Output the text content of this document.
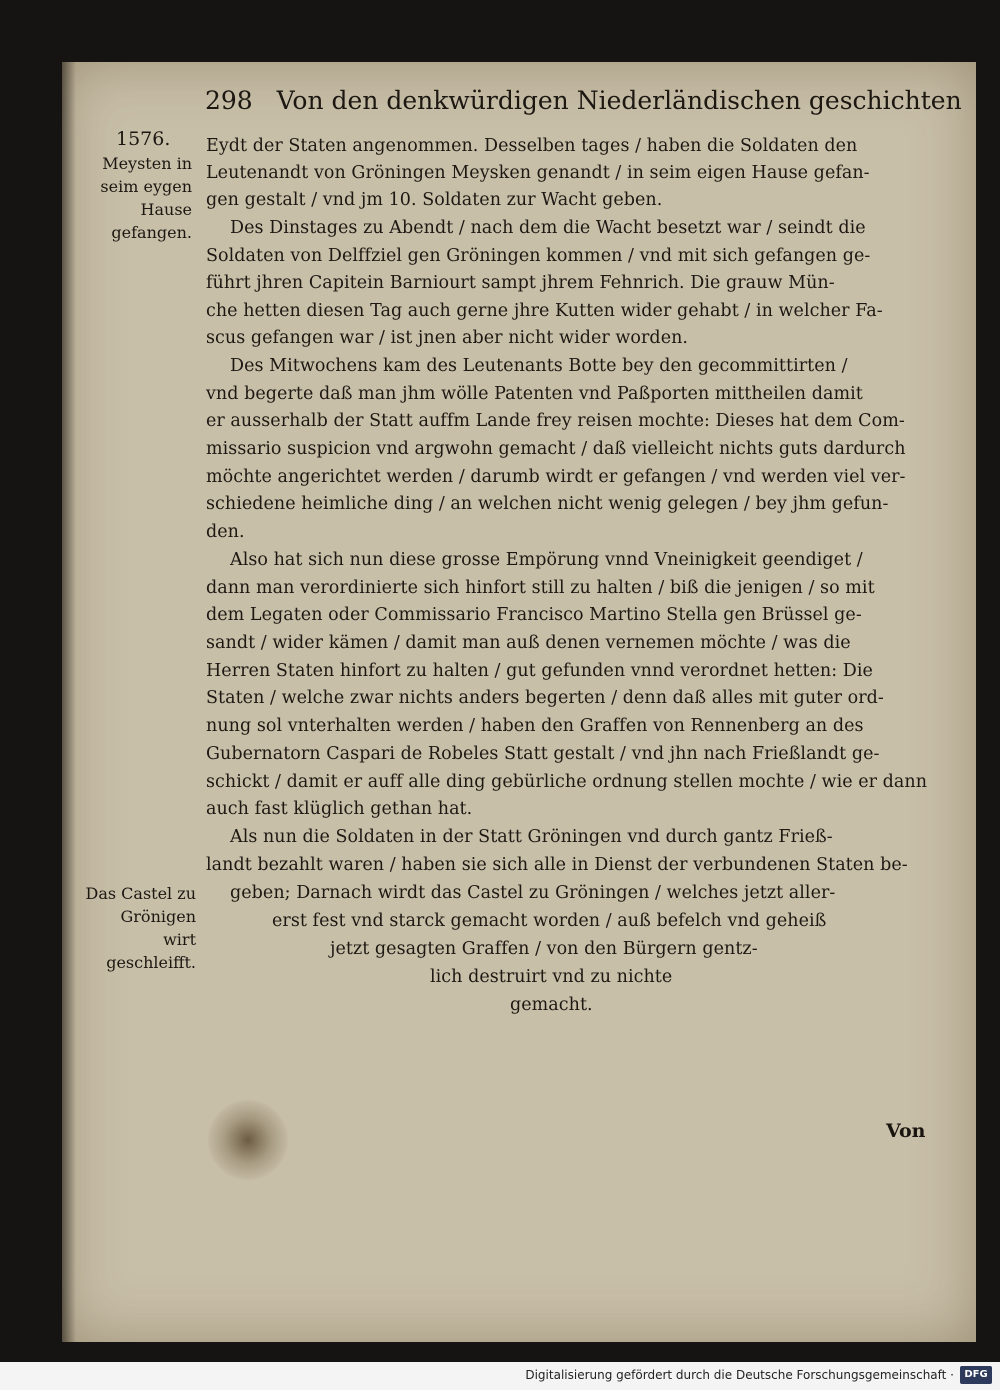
298 Von den denkwürdigen Niederländischen geschichten
1576.
Meysten in seim eygen Hause gefangen.
Das Castel zu Grönigen wirt geschleifft.
Eydt der Staten angenommen. Desselben tages / haben die Soldaten den
Leutenandt von Gröningen Meysken genandt / in seim eigen Hause gefan-
gen gestalt / vnd jm 10. Soldaten zur Wacht geben.
Des Dinstages zu Abendt / nach dem die Wacht besetzt war / seindt die
Soldaten von Delffziel gen Gröningen kommen / vnd mit sich gefangen ge-
führt jhren Capitein Barniourt sampt jhrem Fehnrich. Die grauw Mün-
che hetten diesen Tag auch gerne jhre Kutten wider gehabt / in welcher Fa-
scus gefangen war / ist jnen aber nicht wider worden.
Des Mitwochens kam des Leutenants Botte bey den gecommittirten /
vnd begerte daß man jhm wölle Patenten vnd Paßporten mittheilen damit
er ausserhalb der Statt auffm Lande frey reisen mochte: Dieses hat dem Com-
missario suspicion vnd argwohn gemacht / daß vielleicht nichts guts dardurch
möchte angerichtet werden / darumb wirdt er gefangen / vnd werden viel ver-
schiedene heimliche ding / an welchen nicht wenig gelegen / bey jhm gefun-
den.
Also hat sich nun diese grosse Empörung vnnd Vneinigkeit geendiget /
dann man verordinierte sich hinfort still zu halten / biß die jenigen / so mit
dem Legaten oder Commissario Francisco Martino Stella gen Brüssel ge-
sandt / wider kämen / damit man auß denen vernemen möchte / was die
Herren Staten hinfort zu halten / gut gefunden vnnd verordnet hetten: Die
Staten / welche zwar nichts anders begerten / denn daß alles mit guter ord-
nung sol vnterhalten werden / haben den Graffen von Rennenberg an des
Gubernatorn Caspari de Robeles Statt gestalt / vnd jhn nach Frießlandt ge-
schickt / damit er auff alle ding gebürliche ordnung stellen mochte / wie er dann
auch fast klüglich gethan hat.
Als nun die Soldaten in der Statt Gröningen vnd durch gantz Frieß-
landt bezahlt waren / haben sie sich alle in Dienst der verbundenen Staten be-
geben; Darnach wirdt das Castel zu Gröningen / welches jetzt aller-
erst fest vnd starck gemacht worden / auß befelch vnd geheiß
jetzt gesagten Graffen / von den Bürgern gentz-
lich destruirt vnd zu nichte
gemacht.
Von
Digitalisierung gefördert durch die Deutsche Forschungsgemeinschaft ·	DFG
